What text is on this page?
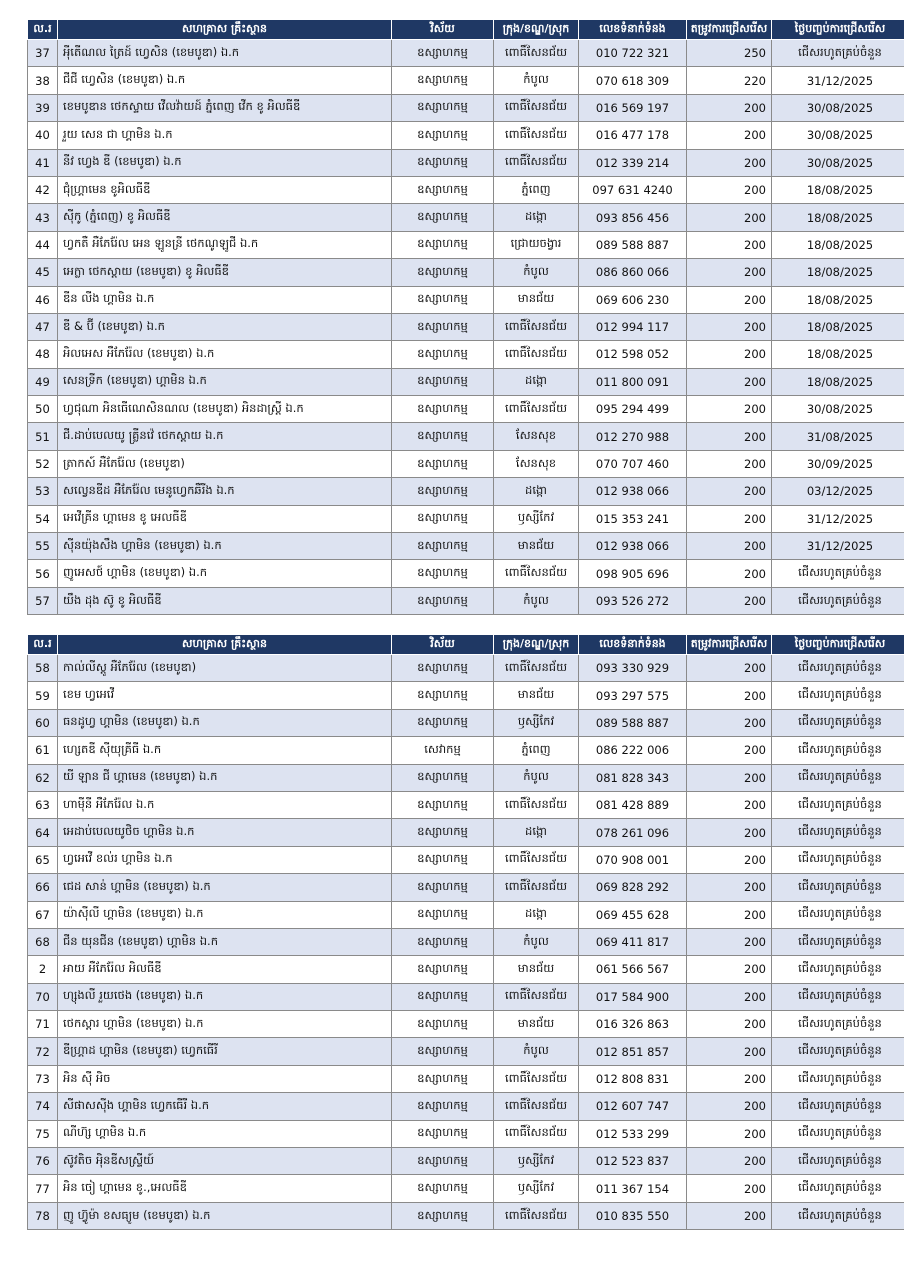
ល.រ	សហគ្រាស គ្រឹះស្ថាន	វិស័យ	ក្រុង/ខណ្ឌ/ស្រុក	លេខទំនាក់ទំនង	តម្រូវការជ្រើសរើស	ថ្ងៃបញ្ចប់ការជ្រើសរើស
37	អុីតើណល ត្រៃដ៍ ហ្វេសិន (ខេមបូឌា) ឯ.ក	ឧស្សាហកម្ម	ពោធិ៍សែនជ័យ	010 722 321	250	ជើសរហូតគ្រប់ចំនួន
38	ជីជី ហ្វេសិន (ខេមបូឌា) ឯ.ក	ឧស្សាហកម្ម	កំបូល	070 618 309	220	31/12/2025
39	ខេមបូឌាន ថេកស្ទាយ វើលវ៉ាយដ៍ ភ្នំពេញ វើក ខូ អិលធីឌី	ឧស្សាហកម្ម	ពោធិ៍សែនជ័យ	016 569 197	200	30/08/2025
40	រួយ សេន ជា ហ្គាមិន ឯ.ក	ឧស្សាហកម្ម	ពោធិ៍សែនជ័យ	016 477 178	200	30/08/2025
41	នីវ ហ្វេង ឌី (ខេមបូឌា) ឯ.ក	ឧស្សាហកម្ម	ពោធិ៍សែនជ័យ	012 339 214	200	30/08/2025
42	ជុំហ្គ្រាមេន ខូអិលធីឌី	ឧស្សាហកម្ម	ភ្នំពេញ	097 631 4240	200	18/08/2025
43	ស៊ីកូ (ភ្នំពេញ) ខូ អិលធីឌី	ឧស្សាហកម្ម	ដង្កោ	093 856 456	200	18/08/2025
44	ហ្វកតឺ អឺភែរ៉ែល អេន ឡូនន្រី ថេកណូឡូជី ឯ.ក	ឧស្សាហកម្ម	ជ្រោយចង្វារ	089 588 887	200	18/08/2025
45	អេក្លា ថេកស្តាយ (ខេមបូឌា) ខូ អិលធីឌី	ឧស្សាហកម្ម	កំបូល	086 860 066	200	18/08/2025
46	ឌីន លីង ហ្គាមិន ឯ.ក	ឧស្សាហកម្ម	មានជ័យ	069 606 230	200	18/08/2025
47	ឌី & ប៊ី (ខេមបូឌា) ឯ.ក	ឧស្សាហកម្ម	ពោធិ៍សែនជ័យ	012 994 117	200	18/08/2025
48	អិលអេស អឺភែរ៉ែល (ខេមបូឌា) ឯ.ក	ឧស្សាហកម្ម	ពោធិ៍សែនជ័យ	012 598 052	200	18/08/2025
49	សេនទ្រីក (ខេមបូឌា) ហ្គាមិន ឯ.ក	ឧស្សាហកម្ម	ដង្កោ	011 800 091	200	18/08/2025
50	ហ្វជុណា អិនធើណេសិនណល (ខេមបូឌា) អិនដាស្ត្រី ឯ.ក	ឧស្សាហកម្ម	ពោធិ៍សែនជ័យ	095 294 499	200	30/08/2025
51	ជី.ដាប់បេលយូ គ្រ្លីនវ៉េ ថេកស្តាយ ឯ.ក	ឧស្សាហកម្ម	សែនសុខ	012 270 988	200	31/08/2025
52	ត្រាកស៍ អឺភែរ៉ែល (ខេមបូឌា)	ឧស្សាហកម្ម	សែនសុខ	070 707 460	200	30/09/2025
53	សល្វេនឌីដ អឺភែរ៉ែល មេនូហ្វេកឆឺរីង ឯ.ក	ឧស្សាហកម្ម	ដង្កោ	012 938 066	200	03/12/2025
54	អេវើគ្រីន ហ្គាមេន ខូ អេលធីឌី	ឧស្សាហកម្ម	ឫស្សីកែវ	015 353 241	200	31/12/2025
55	ស៊ីនយ៉ុងសឹង ហ្គាមិន (ខេមបូឌា) ឯ.ក	ឧស្សាហកម្ម	មានជ័យ	012 938 066	200	31/12/2025
56	ញូអេសថ៍ ហ្គាមិន (ខេមបូឌា) ឯ.ក	ឧស្សាហកម្ម	ពោធិ៍សែនជ័យ	098 905 696	200	ជើសរហូតគ្រប់ចំនួន
57	យឹង ដុង ស៊ូ ខូ អិលធីឌី	ឧស្សាហកម្ម	កំបូល	093 526 272	200	ជើសរហូតគ្រប់ចំនួន
ល.រ	សហគ្រាស គ្រឹះស្ថាន	វិស័យ	ក្រុង/ខណ្ឌ/ស្រុក	លេខទំនាក់ទំនង	តម្រូវការជ្រើសរើស	ថ្ងៃបញ្ចប់ការជ្រើសរើស
58	កាល់លីស្តូ អឺភែរ៉ែល (ខេមបូឌា)	ឧស្សាហកម្ម	ពោធិ៍សែនជ័យ	093 330 929	200	ជើសរហូតគ្រប់ចំនួន
59	ខេម ហ្វអេវើ	ឧស្សាហកម្ម	មានជ័យ	093 297 575	200	ជើសរហូតគ្រប់ចំនួន
60	ធនដូហ្វ ហ្គាមិន (ខេមបូឌា) ឯ.ក	ឧស្សាហកម្ម	ឫស្សីកែវ	089 588 887	200	ជើសរហូតគ្រប់ចំនួន
61	ហ្សេតឌី ស៊ីយុគ្រីធី ឯ.ក	សេវាកម្ម	ភ្នំពេញ	086 222 006	200	ជើសរហូតគ្រប់ចំនួន
62	យី ឡាន ជី ហ្គាមេន (ខេមបូឌា) ឯ.ក	ឧស្សាហកម្ម	កំបូល	081 828 343	200	ជើសរហូតគ្រប់ចំនួន
63	ហាមុីនី អឺភែរ៉ែល ឯ.ក	ឧស្សាហកម្ម	ពោធិ៍សែនជ័យ	081 428 889	200	ជើសរហូតគ្រប់ចំនួន
64	អេដាប់បេលយូថិច ហ្គាមិន ឯ.ក	ឧស្សាហកម្ម	ដង្កោ	078 261 096	200	ជើសរហូតគ្រប់ចំនួន
65	ហ្វអេវើ ខល់រ ហ្គាមិន ឯ.ក	ឧស្សាហកម្ម	ពោធិ៍សែនជ័យ	070 908 001	200	ជើសរហូតគ្រប់ចំនួន
66	ជេដ សាន់ ហ្គាមិន (ខេមបូឌា) ឯ.ក	ឧស្សាហកម្ម	ពោធិ៍សែនជ័យ	069 828 292	200	ជើសរហូតគ្រប់ចំនួន
67	យ៉ាស៊ីលី ហ្គាមិន (ខេមបូឌា) ឯ.ក	ឧស្សាហកម្ម	ដង្កោ	069 455 628	200	ជើសរហូតគ្រប់ចំនួន
68	ជីន យុនជីន (ខេមបូឌា) ហ្គាមិន ឯ.ក	ឧស្សាហកម្ម	កំបូល	069 411 817	200	ជើសរហូតគ្រប់ចំនួន
2	អាយ អឺភែរ៉ែល អិលធីឌី	ឧស្សាហកម្ម	មានជ័យ	061 566 567	200	ជើសរហូតគ្រប់ចំនួន
70	ហ្សុងលី រួយថេង (ខេមបូឌា) ឯ.ក	ឧស្សាហកម្ម	ពោធិ៍សែនជ័យ	017 584 900	200	ជើសរហូតគ្រប់ចំនួន
71	ថេកស្តារ ហ្គាមិន (ខេមបូឌា) ឯ.ក	ឧស្សាហកម្ម	មានជ័យ	016 326 863	200	ជើសរហូតគ្រប់ចំនួន
72	ឌីហ្គ្រាដ ហ្គាមិន (ខេមបូឌា) ហ្វេកធើរី	ឧស្សាហកម្ម	កំបូល	012 851 857	200	ជើសរហូតគ្រប់ចំនួន
73	អិន ស៊ី អិច	ឧស្សាហកម្ម	ពោធិ៍សែនជ័យ	012 808 831	200	ជើសរហូតគ្រប់ចំនួន
74	សីផាសស៊ីង ហ្គាមិន ហ្វេកធើរី ឯ.ក	ឧស្សាហកម្ម	ពោធិ៍សែនជ័យ	012 607 747	200	ជើសរហូតគ្រប់ចំនួន
75	ណីហ៊្ស ហ្គាមិន ឯ.ក	ឧស្សាហកម្ម	ពោធិ៍សែនជ័យ	012 533 299	200	ជើសរហូតគ្រប់ចំនួន
76	ស៊ូវតិច អុិនឌីសស្ទ្រីយ៍	ឧស្សាហកម្ម	ឫស្សីកែវ	012 523 837	200	ជើសរហូតគ្រប់ចំនួន
77	អិន ចៀ ហ្គាមេន ខូ.,អេលធីឌី	ឧស្សាហកម្ម	ឫស្សីកែវ	011 367 154	200	ជើសរហូតគ្រប់ចំនួន
78	ញូ ហ៊្វូម៉ា ខសធ្យូម (ខេមបូឌា) ឯ.ក	ឧស្សាហកម្ម	ពោធិ៍សែនជ័យ	010 835 550	200	ជើសរហូតគ្រប់ចំនួន
